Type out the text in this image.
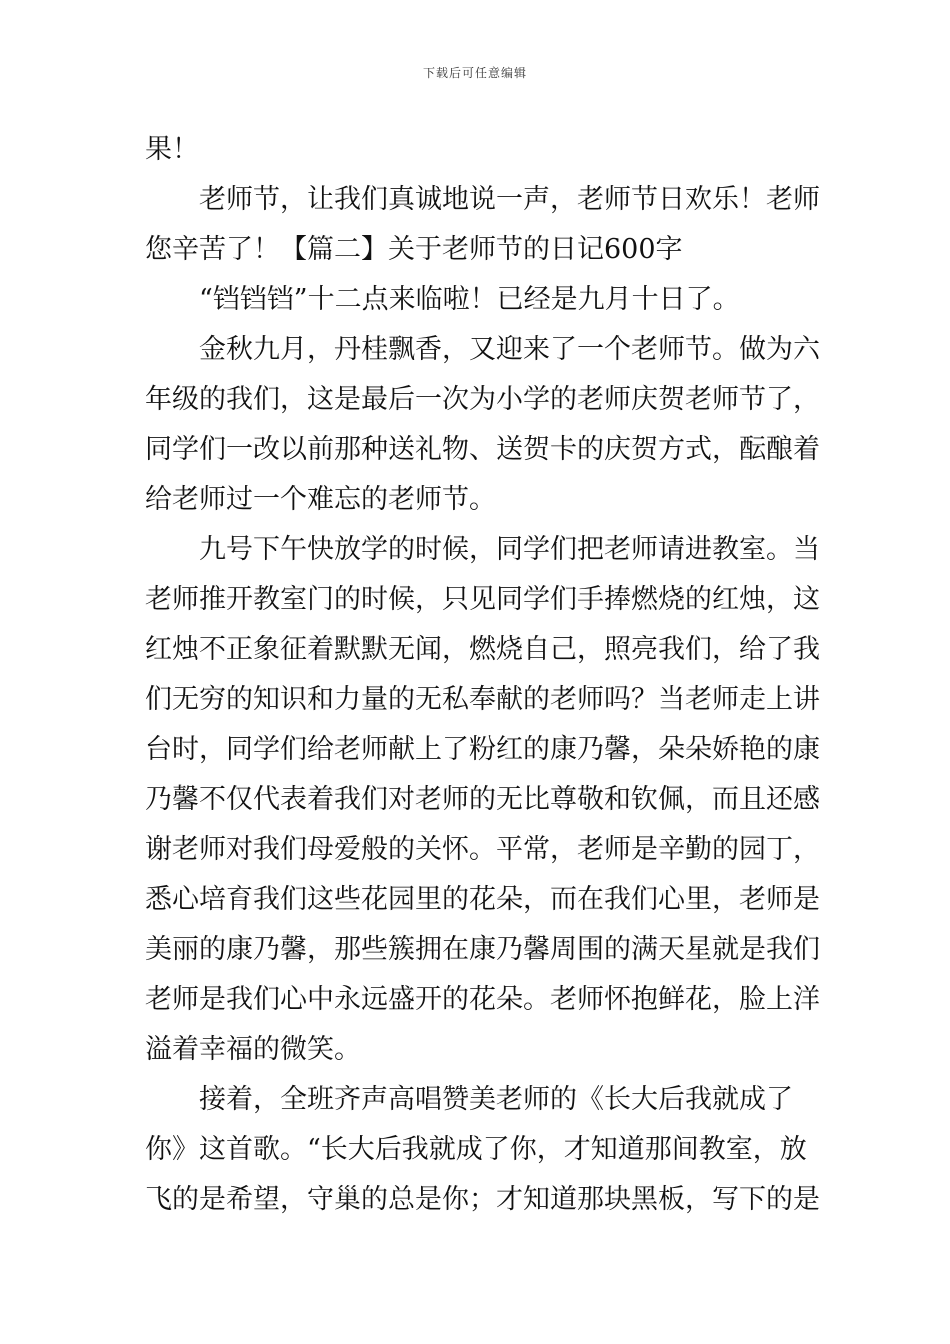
下载后可任意编辑
果！
老师节，让我们真诚地说一声，老师节日欢乐！老师
您辛苦了！【篇二】关于老师节的日记600字
“铛铛铛”十二点来临啦！已经是九月十日了。
金秋九月，丹桂飘香，又迎来了一个老师节。做为六
年级的我们，这是最后一次为小学的老师庆贺老师节了，
同学们一改以前那种送礼物、送贺卡的庆贺方式，酝酿着
给老师过一个难忘的老师节。
九号下午快放学的时候，同学们把老师请进教室。当
老师推开教室门的时候，只见同学们手捧燃烧的红烛，这
红烛不正象征着默默无闻，燃烧自己，照亮我们，给了我
们无穷的知识和力量的无私奉献的老师吗？当老师走上讲
台时，同学们给老师献上了粉红的康乃馨，朵朵娇艳的康
乃馨不仅代表着我们对老师的无比尊敬和钦佩，而且还感
谢老师对我们母爱般的关怀。平常，老师是辛勤的园丁，
悉心培育我们这些花园里的花朵，而在我们心里，老师是
美丽的康乃馨，那些簇拥在康乃馨周围的满天星就是我们
老师是我们心中永远盛开的花朵。老师怀抱鲜花，脸上洋
溢着幸福的微笑。
接着，全班齐声高唱赞美老师的《长大后我就成了
你》这首歌。“长大后我就成了你，才知道那间教室，放
飞的是希望，守巢的总是你；才知道那块黑板，写下的是
